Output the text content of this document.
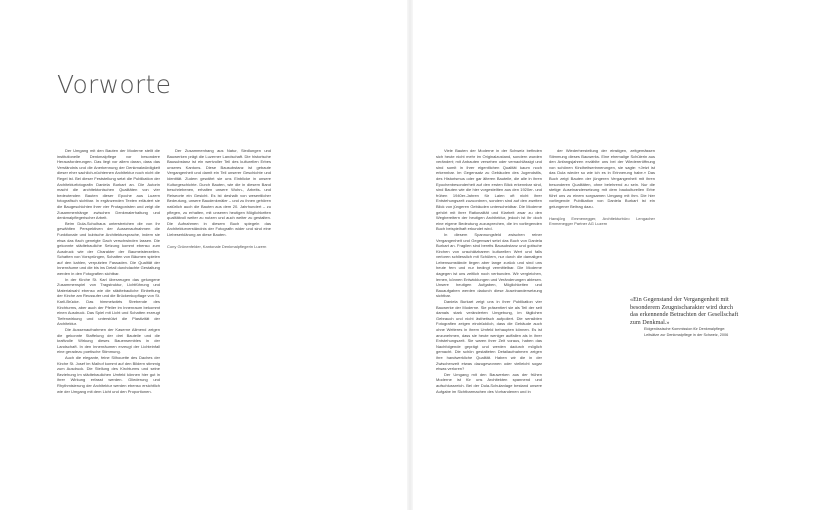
Vorworte

Der Umgang mit den Bauten der Moderne stellt die institutionelle Denkmalpflege vor besondere Herausforderungen. Das liegt vor allem daran, dass das Verständnis und die Anerkennung der Denkmalwürdigkeit dieser eher sachlich-nüchternen Architektur noch nicht die Regel ist. Bei dieser Feststellung setzt die Publikation der Architekturfotografin Daniela Burkart an. Die Autorin macht die architektonischen Qualitäten von vier bedeutenden Bauten dieser Epoche aus Luzern fotografisch sichtbar. In ergänzenden Texten erläutert sie die Baugeschichten ihrer vier Protagonisten und zeigt die Zusammenhänge zwischen Denkmalerhaltung und denkmalpflegerischer Arbeit.

Beim Dula-Schulhaus unterstreichen die von ihr gewählten Perspektiven der Aussenaufnahmen die Funktionale und kubische Architektursprache, indem sie etwa das flach geneigte Dach verschwinden lassen. Die gekonnte städtebauliche Setzung kommt ebenso zum Ausdruck wie der Charakter der Baumeisterzeilen. Schatten von Vorsprüngen, Schatten von Bäumen spielen auf den kahlen, verputzten Fassaden. Die Qualität der Innenräume und die bis ins Detail durchdachte Gestaltung werden in den Fotografien sichtbar.

In der Kirche St. Karl überzeugen das gelungene Zusammenspiel von Tragstruktur, Lichtführung und Materialwahl ebenso wie die städtebauliche Einbettung der Kirche am Reussufer und die Brückenkopflage von St. Karli-Brücke. Das himmelwärts Strebende des Kirchturms, aber auch der Pfeiler im Innenraum bekommt einen Ausdruck. Das Spiel mit Licht und Schatten erzeugt Tiefenwirkung und unterstützt die Plastizität der Architektur.

Die Aussenaufnahmen der Kaserne Allmend zeigen die gekonnte Staffelung der drei Bauteile und die kraftvolle Wirkung dieses Bauensembles in der Landschaft. In den Innenräumen erzeugt der Lichteinfall eine geradezu poetische Stimmung.

Auch die elegante, feine Silhouette des Daches der Kirche St. Josef im Maihof kommt auf den Bildern stimmig zum Ausdruck. Die Stellung des Kirchturms und seine Beziehung im städtebaulichen Umfeld können hier gut in ihrer Wirkung erfasst werden. Gliederung und Rhythmisierung der Architektur werden ebenso ersichtlich wie der Umgang mit dem Licht und den Proportionen.

Der Zusammenhang aus Natur, Siedlungen und Bauwerken prägt die Luzerner Landschaft. Die historische Bausubstanz ist ein wertvoller Teil des kulturellen Erbes unseres Kantons. Diese Bausubstanz ist gebaute Vergangenheit und damit ein Teil unserer Geschichte und Identität. Zudem gewährt sie uns Einblicke in unsere Kulturgeschichte. Durch Bauten, wie die in diesem Band beschriebenen, erhalten unsere Wohn-, Arbeits- und Reiseorte ein Gesicht. Es ist deshalb von wesentlicher Bedeutung, unsere Baudenkmäler – und zu ihnen gehören natürlich auch die Bauten aus dem 20. Jahrhundert – zu pflegen, zu erhalten, mit unseren heutigen Möglichkeiten qualitätvoll weiter zu nutzen und auch weiter zu gestalten. Die Aufnahmen in diesem Buch spiegeln das Architekturverständnis der Fotografin wider und sind eine Liebeserklärung an diese Bauten.

Cony Grünenfelder, Kantonale Denkmalpflegerin Luzern

Viele Bauten der Moderne in der Schweiz befinden sich heute nicht mehr im Originalzustand, sondern wurden verändert; mit Anbauten versehen oder vernachlässigt und sind somit in ihrer eigentlichen Qualität kaum noch erkennbar. Im Gegensatz zu Gebäuden des Jugendstils, des Historismus oder gar älteren Bauteile, die alle in ihren Epochenbesonderheit auf den ersten Blick erkennbar sind, sind Bauten wie die hier vorgestellten aus den 1920er- und frühen 1940er-Jahren für Laien oft nicht ihrer Entstehungszeit zuzuordnen, sondern sind auf den zweiten Blick von jüngeren Gebäuden unterscheidbar. Die Moderne gehört mit ihrer Rationalität und Klarheit zwar zu den Wegbereitern der heutigen Architektur, jedoch ist ihr doch eine eigene Bedeutung zuzusprechen, die im vorliegenden Buch beispielhaft erkundet wird.

In diesem Spannungsfeld zwischen reiner Vergangenheit und Gegenwart setzt das Buch von Daniela Burkart an. Fragilen sind bereits Bausubstanz und gotische Kirchen von unschätzbarem kulturellen Wert und falls verloren schliesslich mit Schülern, nur durch die damaligen Lebensumstände liegen aber lange zurück und sind uns heute fern und nur bedingt vermittelbar. Die Moderne dagegen ist uns zeitlich noch verbunden. Wir vergleichen, lernen, können Entwicklungen und Veränderungen ablesen. Unsere heutigen Aufgaben, Möglichkeiten und Bauaufgaben werden dadurch diese Auseinandersetzung sichtbar.

Daniela Burkart zeigt uns in ihrer Publikation vier Bauwerke der Moderne. Sie präsentiert sie als Teil der seit damals stark veränderten Umgebung, im täglichen Gebrauch und nicht ästhetisch aufpoliert. Die sensiblen Fotografien zeigen eindrücklich, dass die Gebäude auch ohne Weiteres in ihrem Umfeld behaupten können. Es ist anzunehmen, dass sie heute weniger auffallen als in ihrer Entstehungszeit. Sie waren ihrer Zeit voraus, haben das Nachfolgende geprägt und werden dadurch möglich gemacht. Die schön gestalteten Detailaufnahmen zeigen ihre handwerkliche Qualität. Haben wir die in der Zwischenzeit etwas dazugewonnen oder vielleicht sogar etwas verloren?

Der Umgang mit den Bauwerken aus der frühen Moderne ist für uns Architekten spannend und aufschlussreich. Bei der Dula-Schulanlage bestand unsere Aufgabe im Sichtbarmachen des Vorhandenen und in

der Wiederherstellung der einstigen, zeitgemässen Stimmung dieses Bauwerks. Eine ehemalige Schülerin aus den Anfangsjahren erzählte uns bei der Wiedereröffnung von schönen Kindheitserinnerungen, sie sagte: «Jetzt ist das Dula wieder so wie ich es in Erinnerung habe.» Das Buch zeigt Bauten der jüngeren Vergangenheit mit ihren besonderen Qualitäten, ohne belehrend zu sein. Nur die stetige Auseinandersetzung mit dem baukulturellen Erbe führt uns zu einem sorgsamen Umgang mit ihm. Die hier vorliegende Publikation von Daniela Burkart ist ein gelungener Beitrag dazu.

Hansjörg Emmenegger, Architekturbüro Lengacher Emmenegger Partner AG Luzern

«Ein Gegenstand der Vergangenheit mit besonderem Zeugnischarakter wird durch das erkennende Betrachten der Gesellschaft zum Denkmal.»

Eidgenössische Kommission für Denkmalpflege:
Leitsätze zur Denkmalpflege in der Schweiz, 2006
